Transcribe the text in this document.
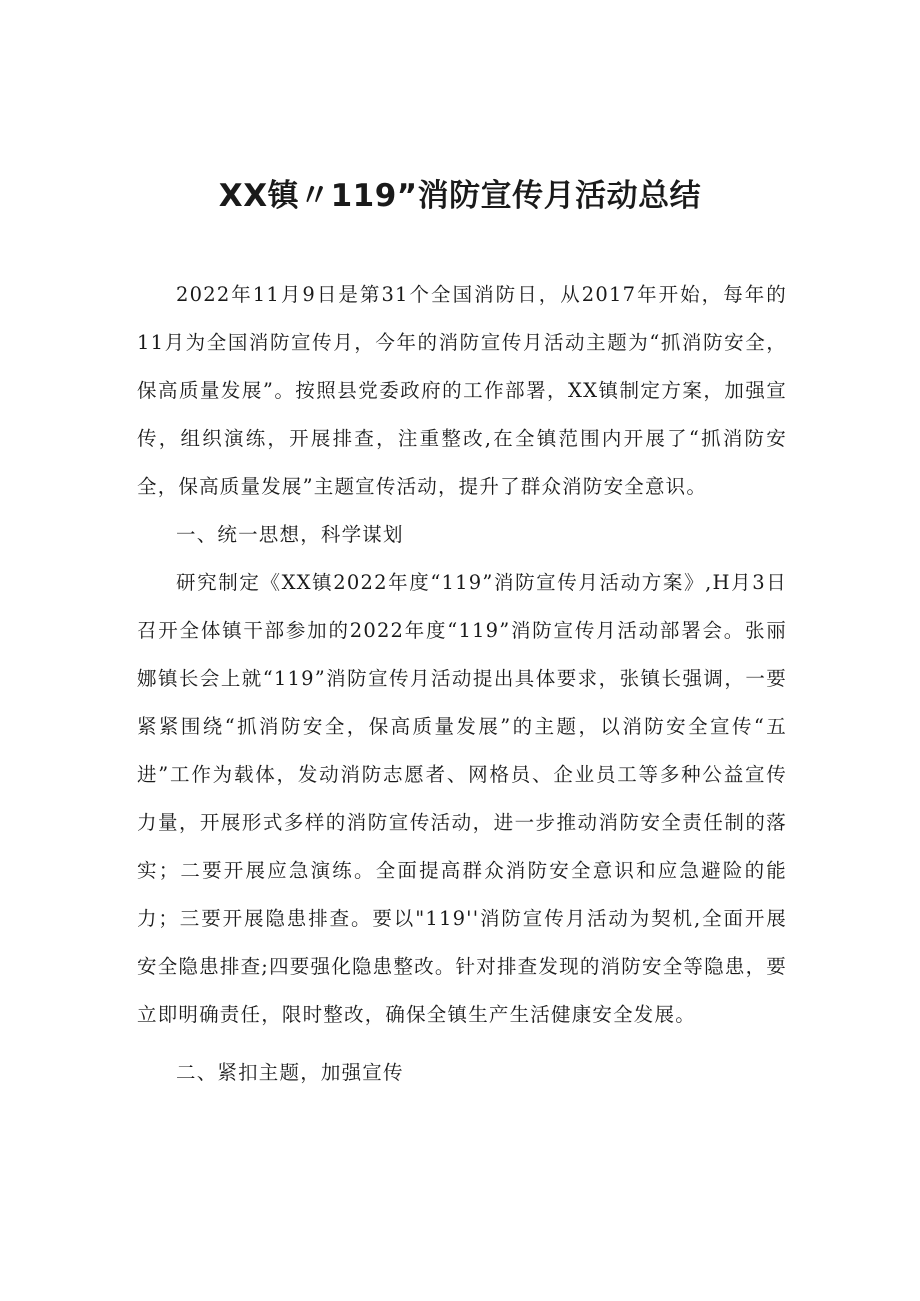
XX镇〃119”消防宣传月活动总结

2022年11月9日是第31个全国消防日，从2017年开始，每年的11月为全国消防宣传月，今年的消防宣传月活动主题为“抓消防安全，保高质量发展”。按照县党委政府的工作部署，XX镇制定方案，加强宣传，组织演练，开展排查，注重整改,在全镇范围内开展了“抓消防安全，保高质量发展”主题宣传活动，提升了群众消防安全意识。

一、统一思想，科学谋划

研究制定《XX镇2022年度“119”消防宣传月活动方案》,H月3日召开全体镇干部参加的2022年度“119”消防宣传月活动部署会。张丽娜镇长会上就“119”消防宣传月活动提出具体要求，张镇长强调，一要紧紧围绕“抓消防安全，保高质量发展”的主题，以消防安全宣传“五进”工作为载体，发动消防志愿者、网格员、企业员工等多种公益宣传力量，开展形式多样的消防宣传活动，进一步推动消防安全责任制的落实；二要开展应急演练。全面提高群众消防安全意识和应急避险的能力；三要开展隐患排查。要以"119''消防宣传月活动为契机,全面开展安全隐患排查;四要强化隐患整改。针对排查发现的消防安全等隐患，要立即明确责任，限时整改，确保全镇生产生活健康安全发展。

二、紧扣主题，加强宣传
